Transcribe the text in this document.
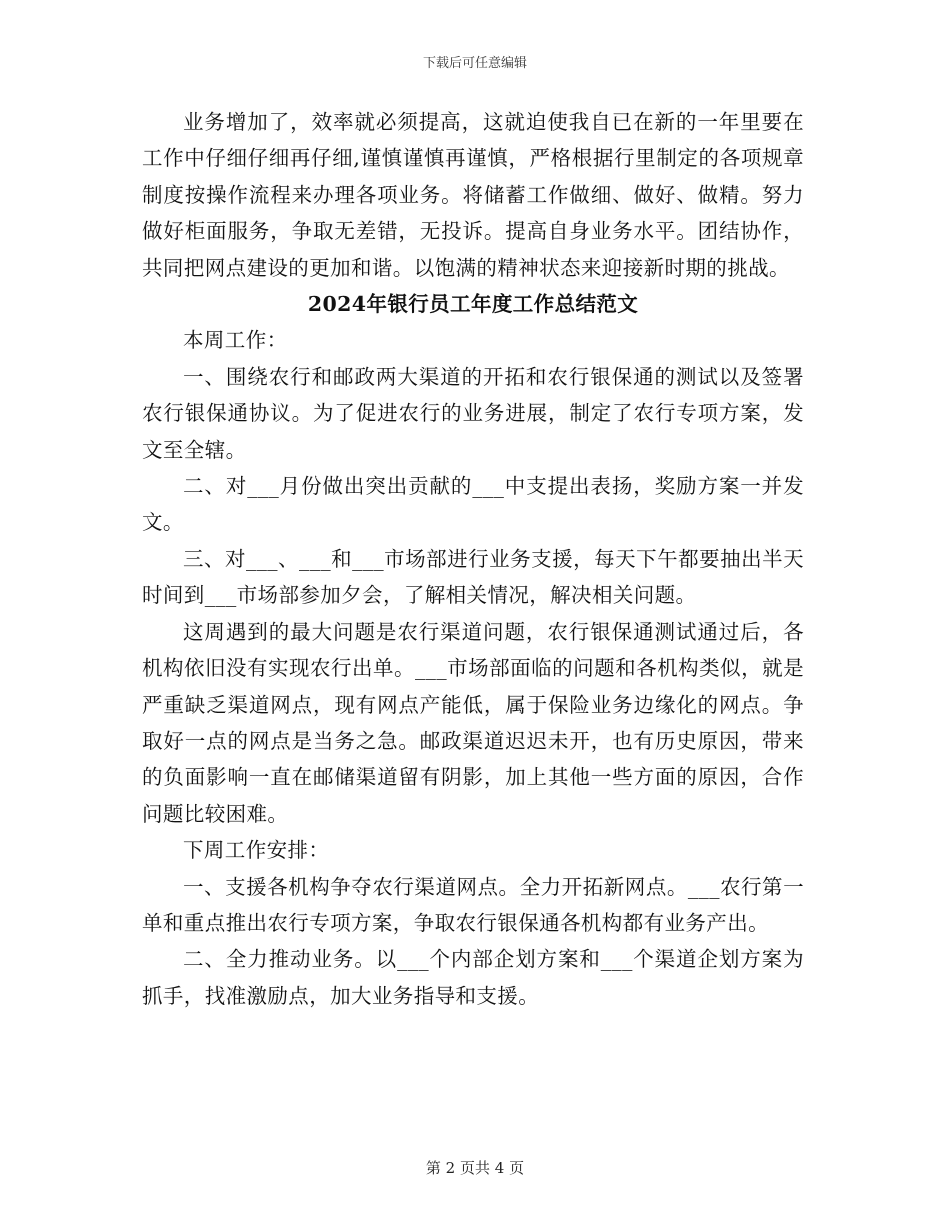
下载后可任意编辑

业务增加了，效率就必须提高，这就迫使我自已在新的一年里要在工作中仔细仔细再仔细,谨慎谨慎再谨慎，严格根据行里制定的各项规章制度按操作流程来办理各项业务。将储蓄工作做细、做好、做精。努力做好柜面服务，争取无差错，无投诉。提高自身业务水平。团结协作，共同把网点建设的更加和谐。以饱满的精神状态来迎接新时期的挑战。

2024年银行员工年度工作总结范文

本周工作：

一、围绕农行和邮政两大渠道的开拓和农行银保通的测试以及签署农行银保通协议。为了促进农行的业务进展，制定了农行专项方案，发文至全辖。

二、对___月份做出突出贡献的___中支提出表扬，奖励方案一并发文。

三、对___、___和___市场部进行业务支援，每天下午都要抽出半天时间到___市场部参加夕会，了解相关情况，解决相关问题。

这周遇到的最大问题是农行渠道问题，农行银保通测试通过后，各机构依旧没有实现农行出单。___市场部面临的问题和各机构类似，就是严重缺乏渠道网点，现有网点产能低，属于保险业务边缘化的网点。争取好一点的网点是当务之急。邮政渠道迟迟未开，也有历史原因，带来的负面影响一直在邮储渠道留有阴影，加上其他一些方面的原因，合作问题比较困难。

下周工作安排：

一、支援各机构争夺农行渠道网点。全力开拓新网点。___农行第一单和重点推出农行专项方案，争取农行银保通各机构都有业务产出。

二、全力推动业务。以___个内部企划方案和___个渠道企划方案为抓手，找准激励点，加大业务指导和支援。

第 2 页共 4 页
